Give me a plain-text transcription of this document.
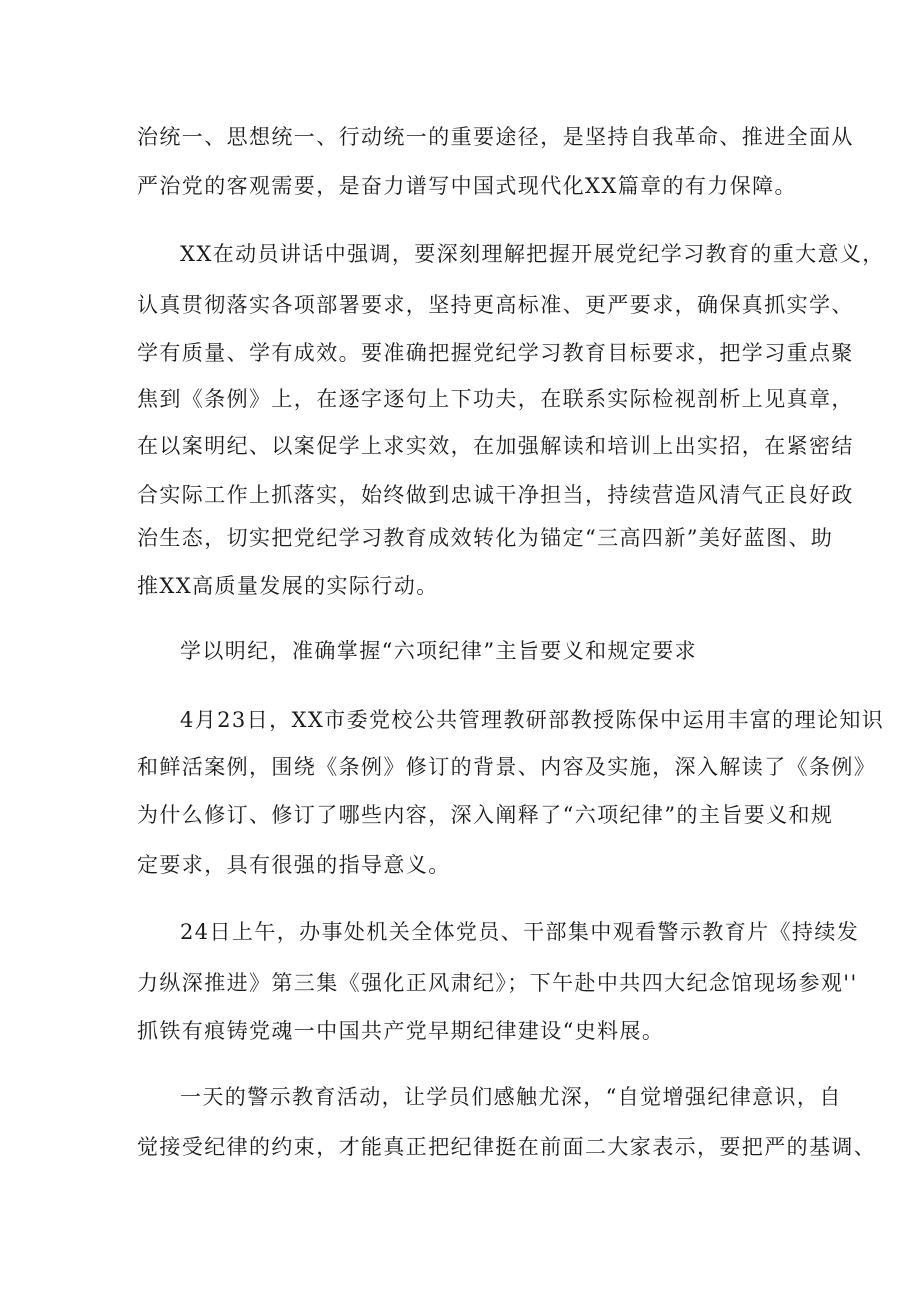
治统一、思想统一、行动统一的重要途径，是坚持自我革命、推进全面从
严治党的客观需要，是奋力谱写中国式现代化XX篇章的有力保障。
XX在动员讲话中强调，要深刻理解把握开展党纪学习教育的重大意义，
认真贯彻落实各项部署要求，坚持更高标准、更严要求，确保真抓实学、
学有质量、学有成效。要准确把握党纪学习教育目标要求，把学习重点聚
焦到《条例》上，在逐字逐句上下功夫，在联系实际检视剖析上见真章，
在以案明纪、以案促学上求实效，在加强解读和培训上出实招，在紧密结
合实际工作上抓落实，始终做到忠诚干净担当，持续营造风清气正良好政
治生态，切实把党纪学习教育成效转化为锚定“三高四新”美好蓝图、助
推XX高质量发展的实际行动。
学以明纪，准确掌握“六项纪律”主旨要义和规定要求
4月23日，XX市委党校公共管理教研部教授陈保中运用丰富的理论知识
和鲜活案例，围绕《条例》修订的背景、内容及实施，深入解读了《条例》
为什么修订、修订了哪些内容，深入阐释了“六项纪律”的主旨要义和规
定要求，具有很强的指导意义。
24日上午，办事处机关全体党员、干部集中观看警示教育片《持续发
力纵深推进》第三集《强化正风肃纪》；下午赴中共四大纪念馆现场参观''
抓铁有痕铸党魂一中国共产党早期纪律建设“史料展。
一天的警示教育活动，让学员们感触尤深，“自觉增强纪律意识，自
觉接受纪律的约束，才能真正把纪律挺在前面二大家表示，要把严的基调、
